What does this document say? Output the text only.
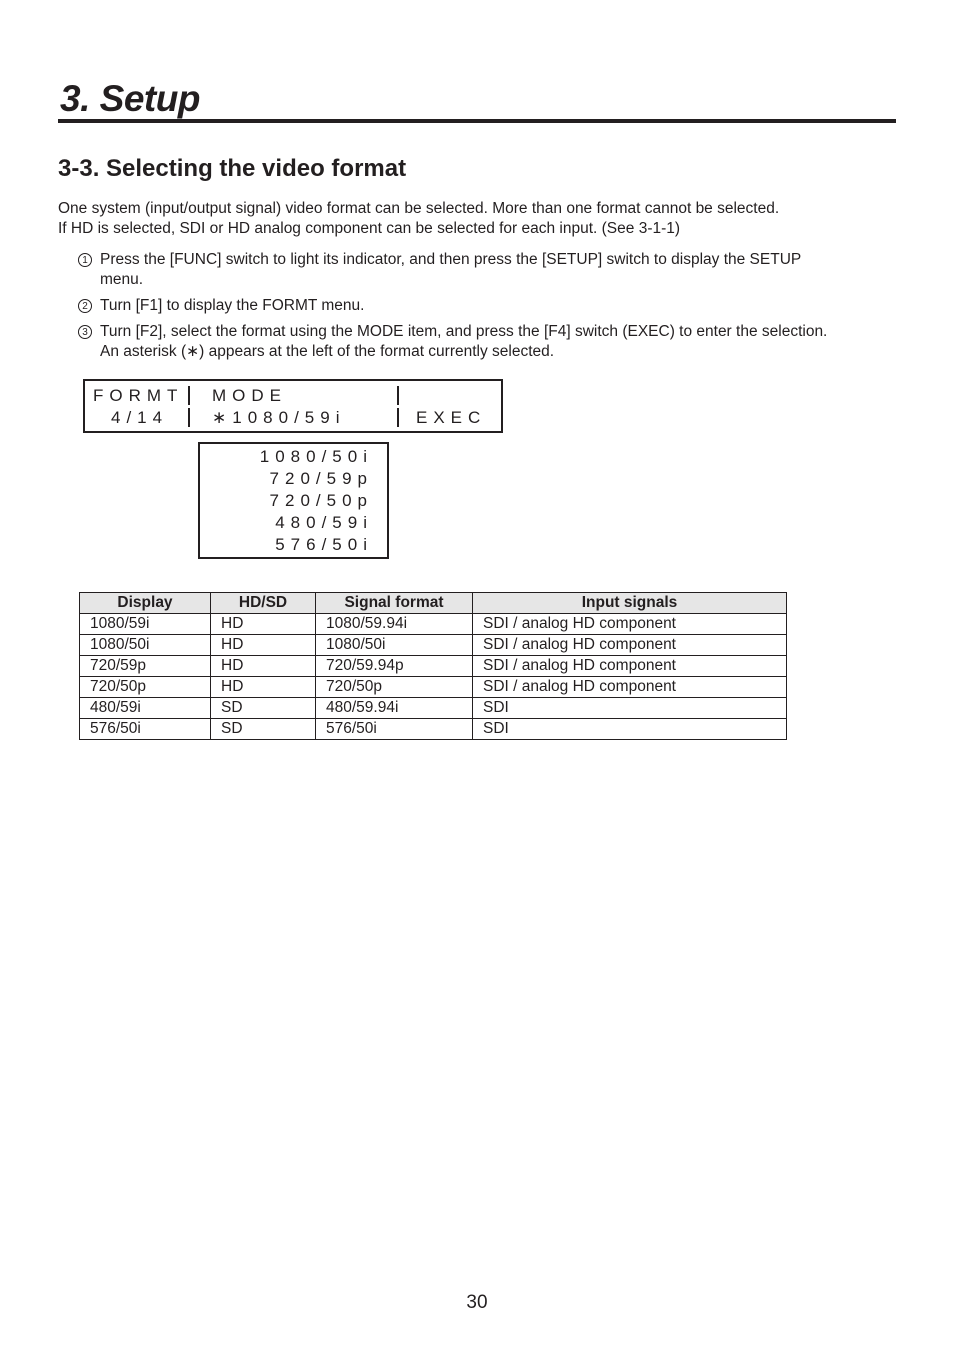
3. Setup
3-3. Selecting the video format

One system (input/output signal) video format can be selected. More than one format cannot be selected.

If HD is selected, SDI or HD analog component can be selected for each input. (See 3-1-1)

1 Press the [FUNC] switch to light its indicator, and then press the [SETUP] switch to display the SETUP
menu.
2 Turn [F1] to display the FORMT menu.
3 Turn [F2], select the format using the MODE item, and press the [F4] switch (EXEC) to enter the selection.
An asterisk (∗) appears at the left of the format currently selected.
FORMT
4/14
MODE
∗1080/59i	EXEC
1080/50i
720/59p
720/50p
480/59i
576/50i
Display	HD/SD	Signal format	Input signals
1080/59i	HD	1080/59.94i	SDI / analog HD component
1080/50i	HD	1080/50i	SDI / analog HD component
720/59p	HD	720/59.94p	SDI / analog HD component
720/50p	HD	720/50p	SDI / analog HD component
480/59i	SD	480/59.94i	SDI
576/50i	SD	576/50i	SDI
30
